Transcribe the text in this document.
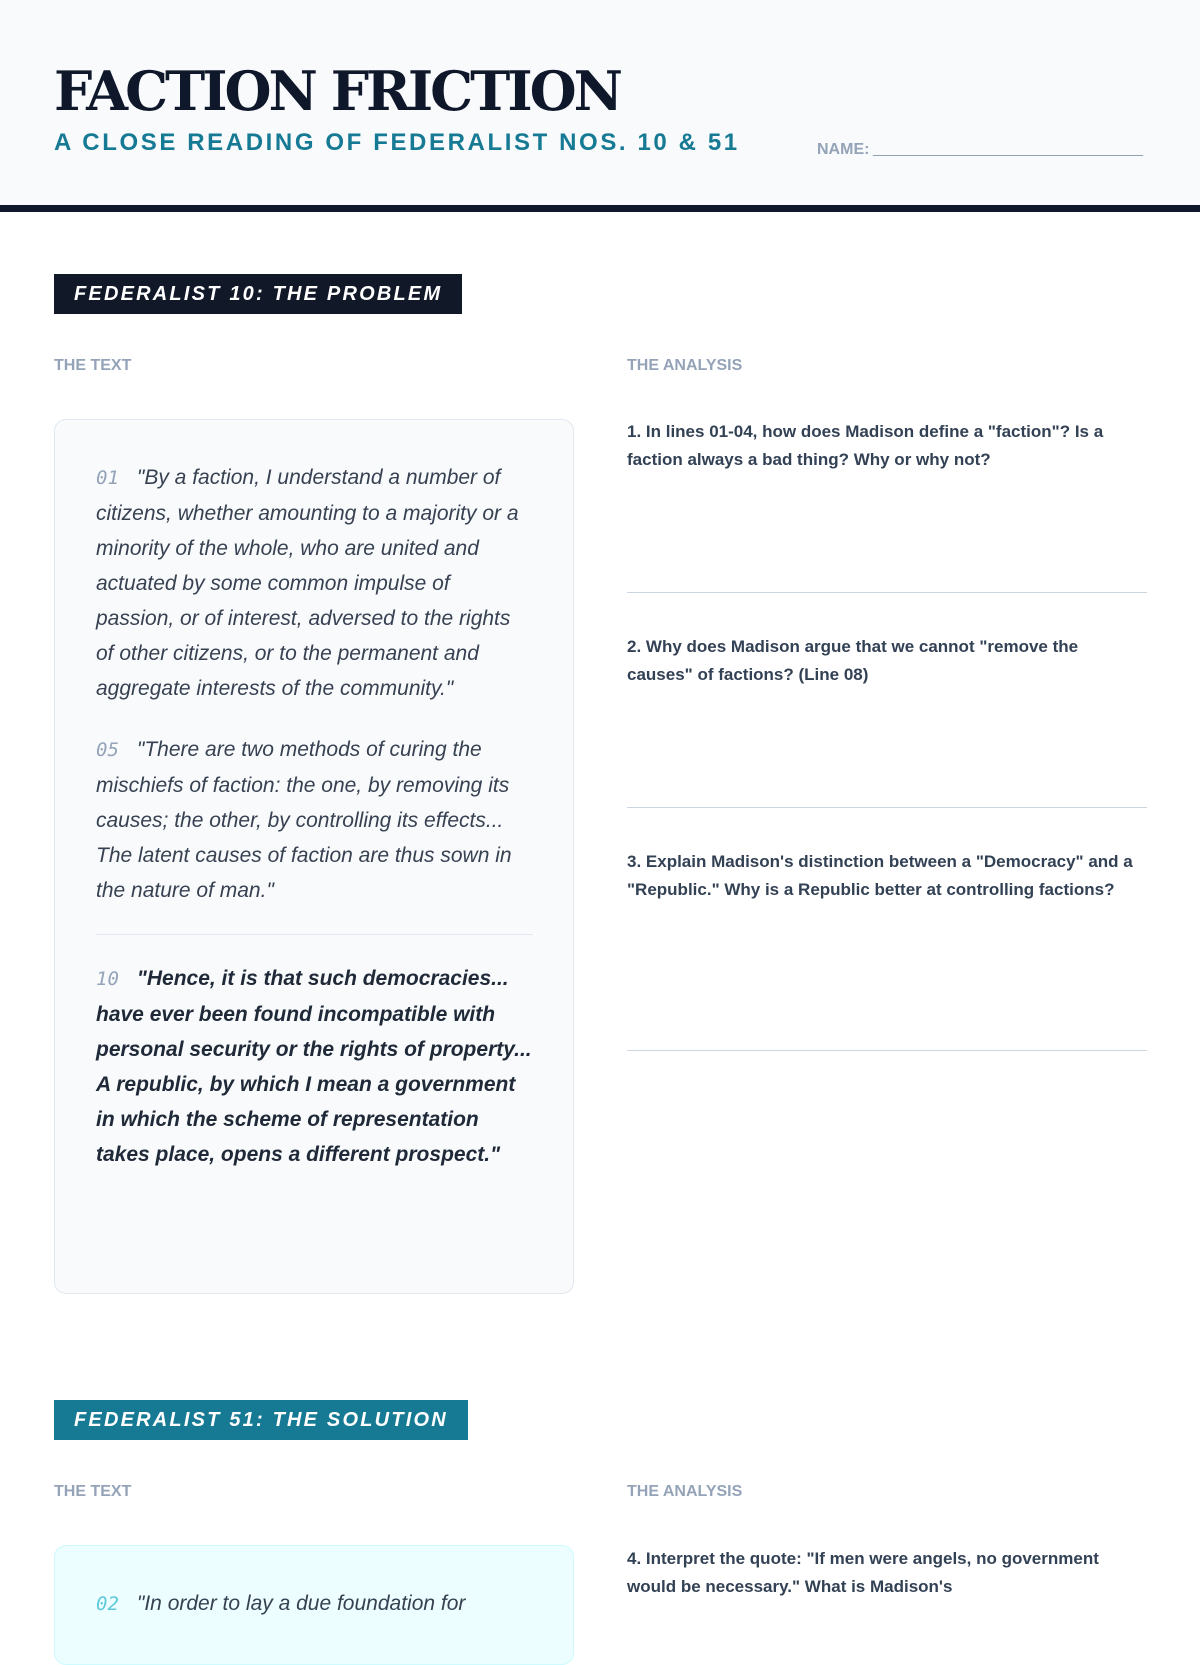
FACTION FRICTION
A CLOSE READING OF FEDERALIST NOS. 10 & 51	NAME:
FEDERALIST 10: THE PROBLEM
THE TEXT	THE ANALYSIS

01 "By a faction, I understand a number of citizens, whether amounting to a majority or a minority of the whole, who are united and actuated by some common impulse of passion, or of interest, adversed to the rights of other citizens, or to the permanent and aggregate interests of the community."

05 "There are two methods of curing the mischiefs of faction: the one, by removing its causes; the other, by controlling its effects... The latent causes of faction are thus sown in the nature of man."

10 "Hence, it is that such democracies... have ever been found incompatible with personal security or the rights of property... A republic, by which I mean a government in which the scheme of representation takes place, opens a different prospect."

1. In lines 01-04, how does Madison define a "faction"? Is a faction always a bad thing? Why or why not?

2. Why does Madison argue that we cannot "remove the causes" of factions? (Line 08)

3. Explain Madison's distinction between a "Democracy" and a "Republic." Why is a Republic better at controlling factions?

FEDERALIST 51: THE SOLUTION
THE TEXT	THE ANALYSIS

02 "In order to lay a due foundation for

4. Interpret the quote: "If men were angels, no government would be necessary." What is Madison's
